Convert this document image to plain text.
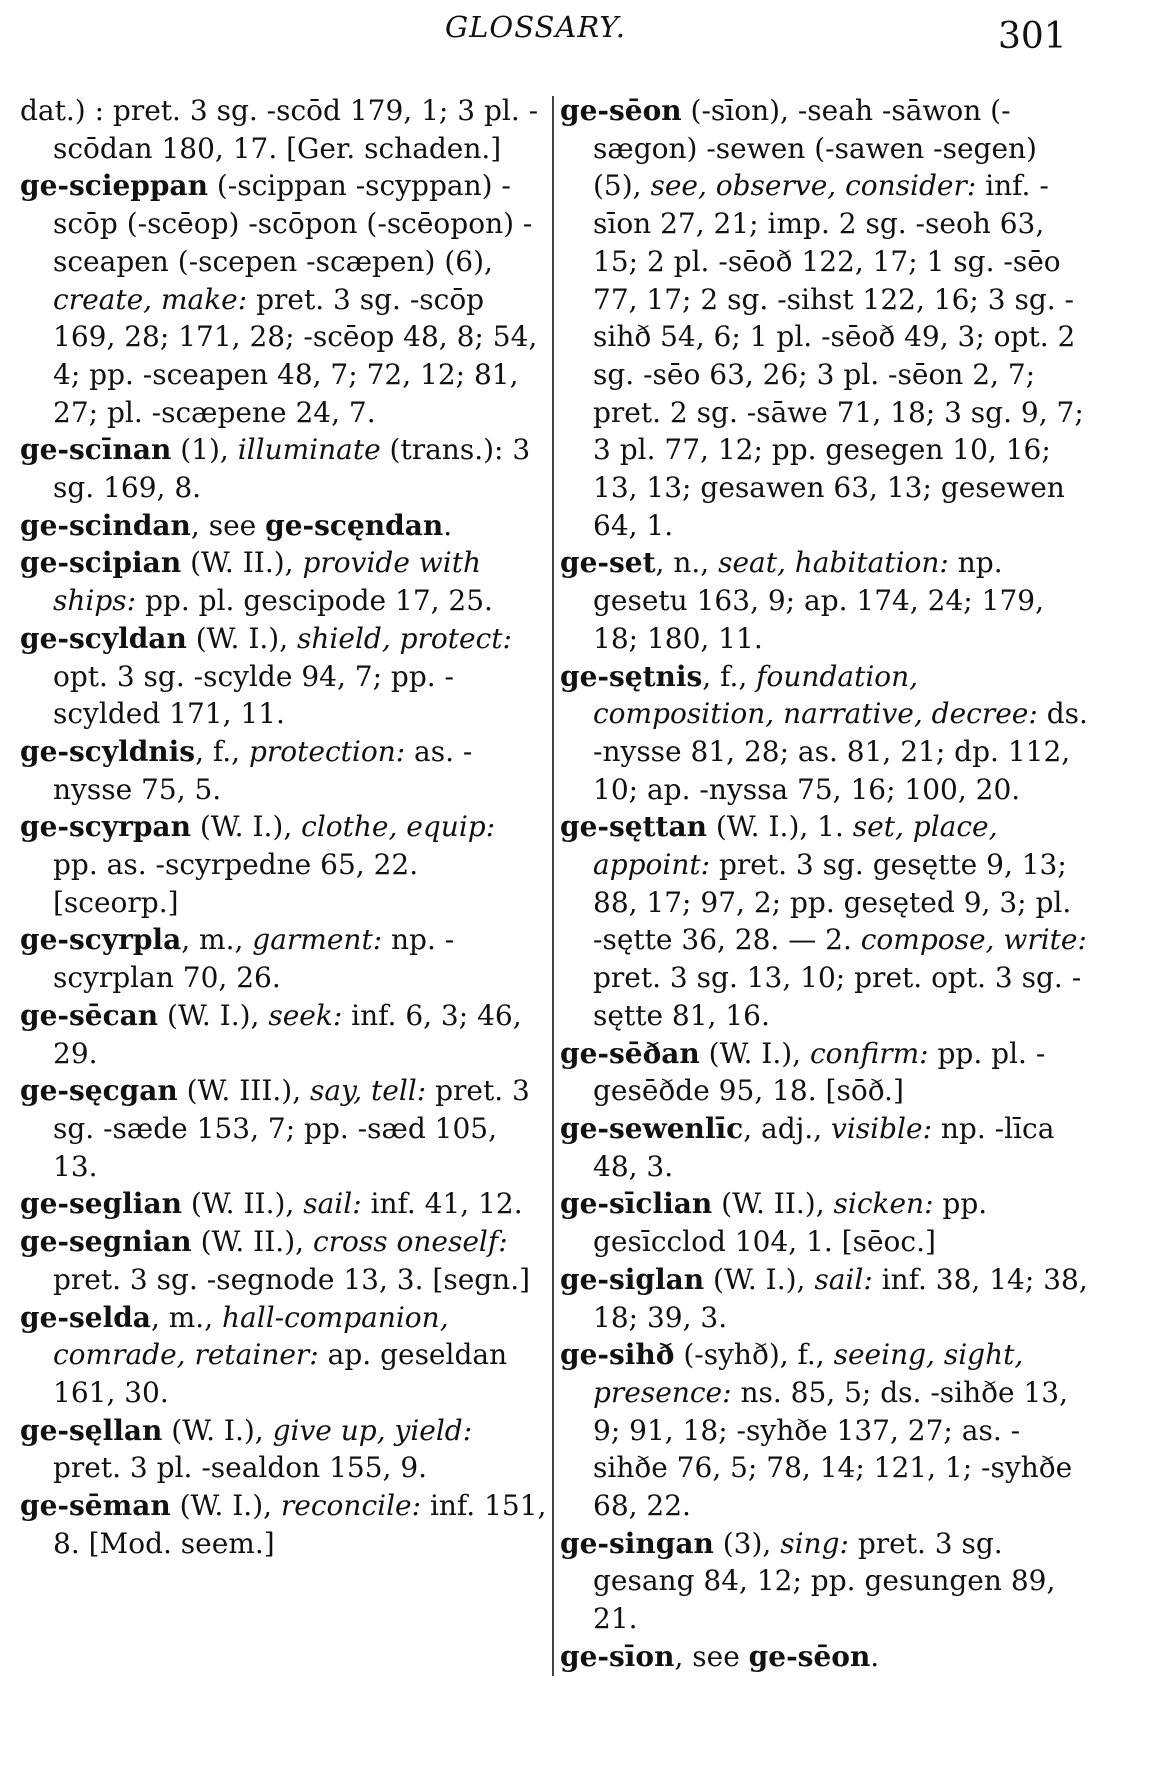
GLOSSARY.	301

dat.) : pret. 3 sg. -scōd 179, 1; 3 pl. -scōdan 180, 17. [Ger. schaden.]

ge-scieppan (-scippan -scyppan) -scōp (-scēop) -scōpon (-scēopon) -sceapen (-scepen -scæpen) (6), create, make: pret. 3 sg. -scōp 169, 28; 171, 28; -scēop 48, 8; 54, 4; pp. -sceapen 48, 7; 72, 12; 81, 27; pl. -scæpene 24, 7.

ge-scīnan (1), illuminate (trans.): 3 sg. 169, 8.

ge-scindan, see ge-scęndan.

ge-scipian (W. II.), provide with ships: pp. pl. gescipode 17, 25.

ge-scyldan (W. I.), shield, protect: opt. 3 sg. -scylde 94, 7; pp. -scylded 171, 11.

ge-scyldnis, f., protection: as. -nysse 75, 5.

ge-scyrpan (W. I.), clothe, equip: pp. as. -scyrpedne 65, 22. [sceorp.]

ge-scyrpla, m., garment: np. -scyrplan 70, 26.

ge-sēcan (W. I.), seek: inf. 6, 3; 46, 29.

ge-sęcgan (W. III.), say, tell: pret. 3 sg. -sæde 153, 7; pp. -sæd 105, 13.

ge-seglian (W. II.), sail: inf. 41, 12.

ge-segnian (W. II.), cross oneself: pret. 3 sg. -segnode 13, 3. [segn.]

ge-selda, m., hall-companion, comrade, retainer: ap. geseldan 161, 30.

ge-sęllan (W. I.), give up, yield: pret. 3 pl. -sealdon 155, 9.

ge-sēman (W. I.), reconcile: inf. 151, 8. [Mod. seem.]

ge-sēon (-sīon), -seah -sāwon (-sægon) -sewen (-sawen -segen) (5), see, observe, consider: inf. -sīon 27, 21; imp. 2 sg. -seoh 63, 15; 2 pl. -sēoð 122, 17; 1 sg. -sēo 77, 17; 2 sg. -sihst 122, 16; 3 sg. -sihð 54, 6; 1 pl. -sēoð 49, 3; opt. 2 sg. -sēo 63, 26; 3 pl. -sēon 2, 7; pret. 2 sg. -sāwe 71, 18; 3 sg. 9, 7; 3 pl. 77, 12; pp. gesegen 10, 16; 13, 13; gesawen 63, 13; gesewen 64, 1.

ge-set, n., seat, habitation: np. gesetu 163, 9; ap. 174, 24; 179, 18; 180, 11.

ge-sętnis, f., foundation, composition, narrative, decree: ds. -nysse 81, 28; as. 81, 21; dp. 112, 10; ap. -nyssa 75, 16; 100, 20.

ge-sęttan (W. I.), 1. set, place, appoint: pret. 3 sg. gesętte 9, 13; 88, 17; 97, 2; pp. gesęted 9, 3; pl. -sętte 36, 28. — 2. compose, write: pret. 3 sg. 13, 10; pret. opt. 3 sg. -sętte 81, 16.

ge-sēðan (W. I.), confirm: pp. pl. -gesēðde 95, 18. [sōð.]

ge-sewenlīc, adj., visible: np. -līca 48, 3.

ge-sīclian (W. II.), sicken: pp. gesīcclod 104, 1. [sēoc.]

ge-siglan (W. I.), sail: inf. 38, 14; 38, 18; 39, 3.

ge-sihð (-syhð), f., seeing, sight, presence: ns. 85, 5; ds. -sihðe 13, 9; 91, 18; -syhðe 137, 27; as. -sihðe 76, 5; 78, 14; 121, 1; -syhðe 68, 22.

ge-singan (3), sing: pret. 3 sg. gesang 84, 12; pp. gesungen 89, 21.

ge-sīon, see ge-sēon.
